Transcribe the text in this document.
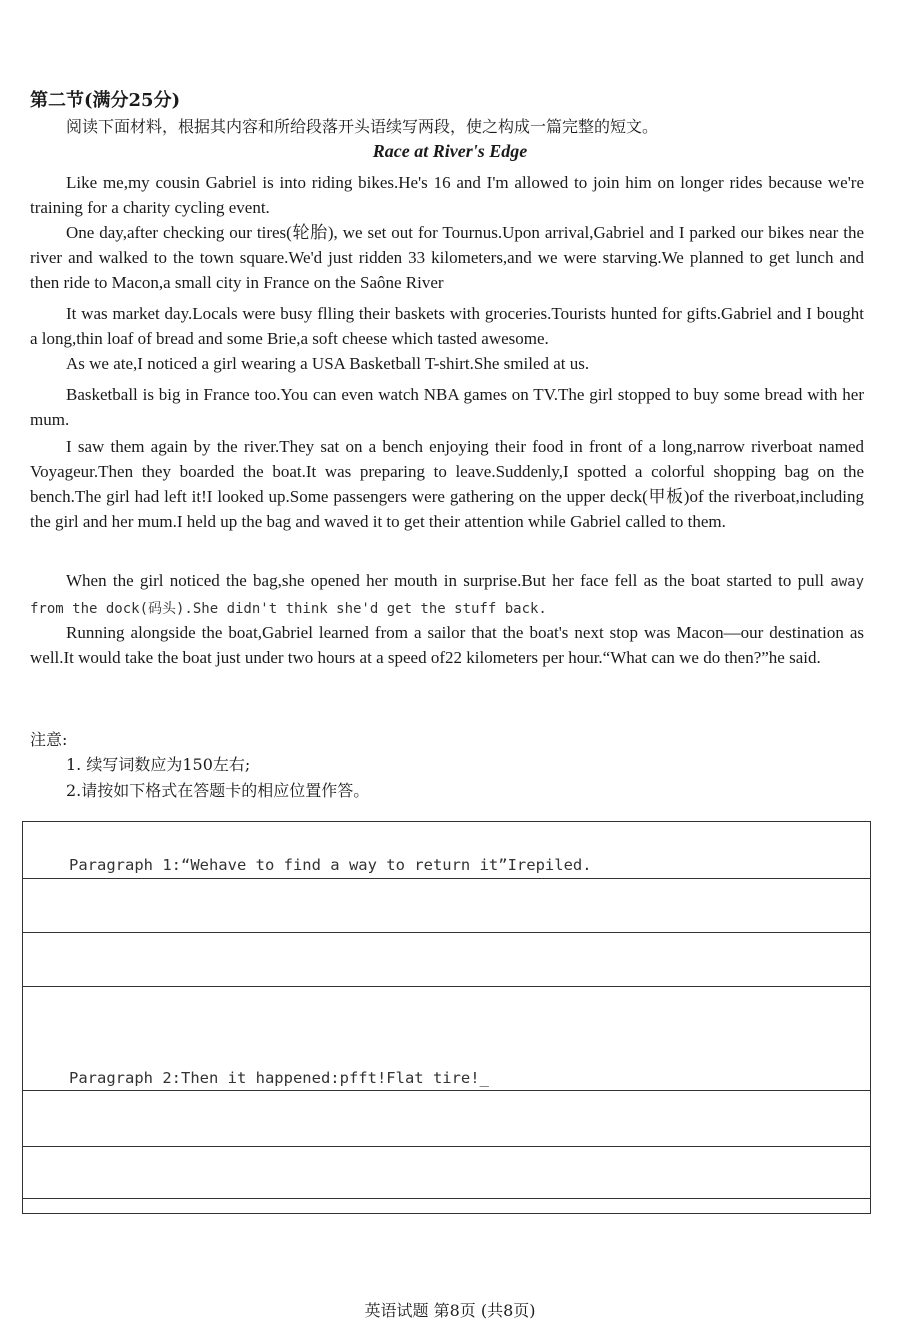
第二节(满分25分)
阅读下面材料，根据其内容和所给段落开头语续写两段，使之构成一篇完整的短文。
Race at River's Edge

Like me,my cousin Gabriel is into riding bikes.He's 16 and I'm allowed to join him on longer rides because we're training for a charity cycling event.

One day,after checking our tires(轮胎), we set out for Tournus.Upon arrival,Gabriel and I parked our bikes near the river and walked to the town square.We'd just ridden 33 kilometers,and we were starving.We planned to get lunch and then ride to Macon,a small city in France on the Saône River

It was market day.Locals were busy flling their baskets with groceries.Tourists hunted for gifts.Gabriel and I bought a long,thin loaf of bread and some Brie,a soft cheese which tasted awesome.

As we ate,I noticed a girl wearing a USA Basketball T-shirt.She smiled at us.

Basketball is big in France too.You can even watch NBA games on TV.The girl stopped to buy some bread with her mum.

I saw them again by the river.They sat on a bench enjoying their food in front of a long,narrow riverboat named Voyageur.Then they boarded the boat.It was preparing to leave.Suddenly,I spotted a colorful shopping bag on the bench.The girl had left it!I looked up.Some passengers were gathering on the upper deck(甲板)of the riverboat,including the girl and her mum.I held up the bag and waved it to get their attention while Gabriel called to them.

When the girl noticed the bag,she opened her mouth in surprise.But her face fell as the boat started to pull away from the dock(码头).She didn't think she'd get the stuff back.

Running alongside the boat,Gabriel learned from a sailor that the boat's next stop was Macon—our destination as well.It would take the boat just under two hours at a speed of22 kilometers per hour.“What can we do then?”he said.

注意:
1. 续写词数应为150左右;
2.请按如下格式在答题卡的相应位置作答。
Paragraph 1:“Wehave to find a way to return it”Irepiled.
Paragraph 2:Then it happened:pfft!Flat tire!_
英语试题 第8页 (共8页)
